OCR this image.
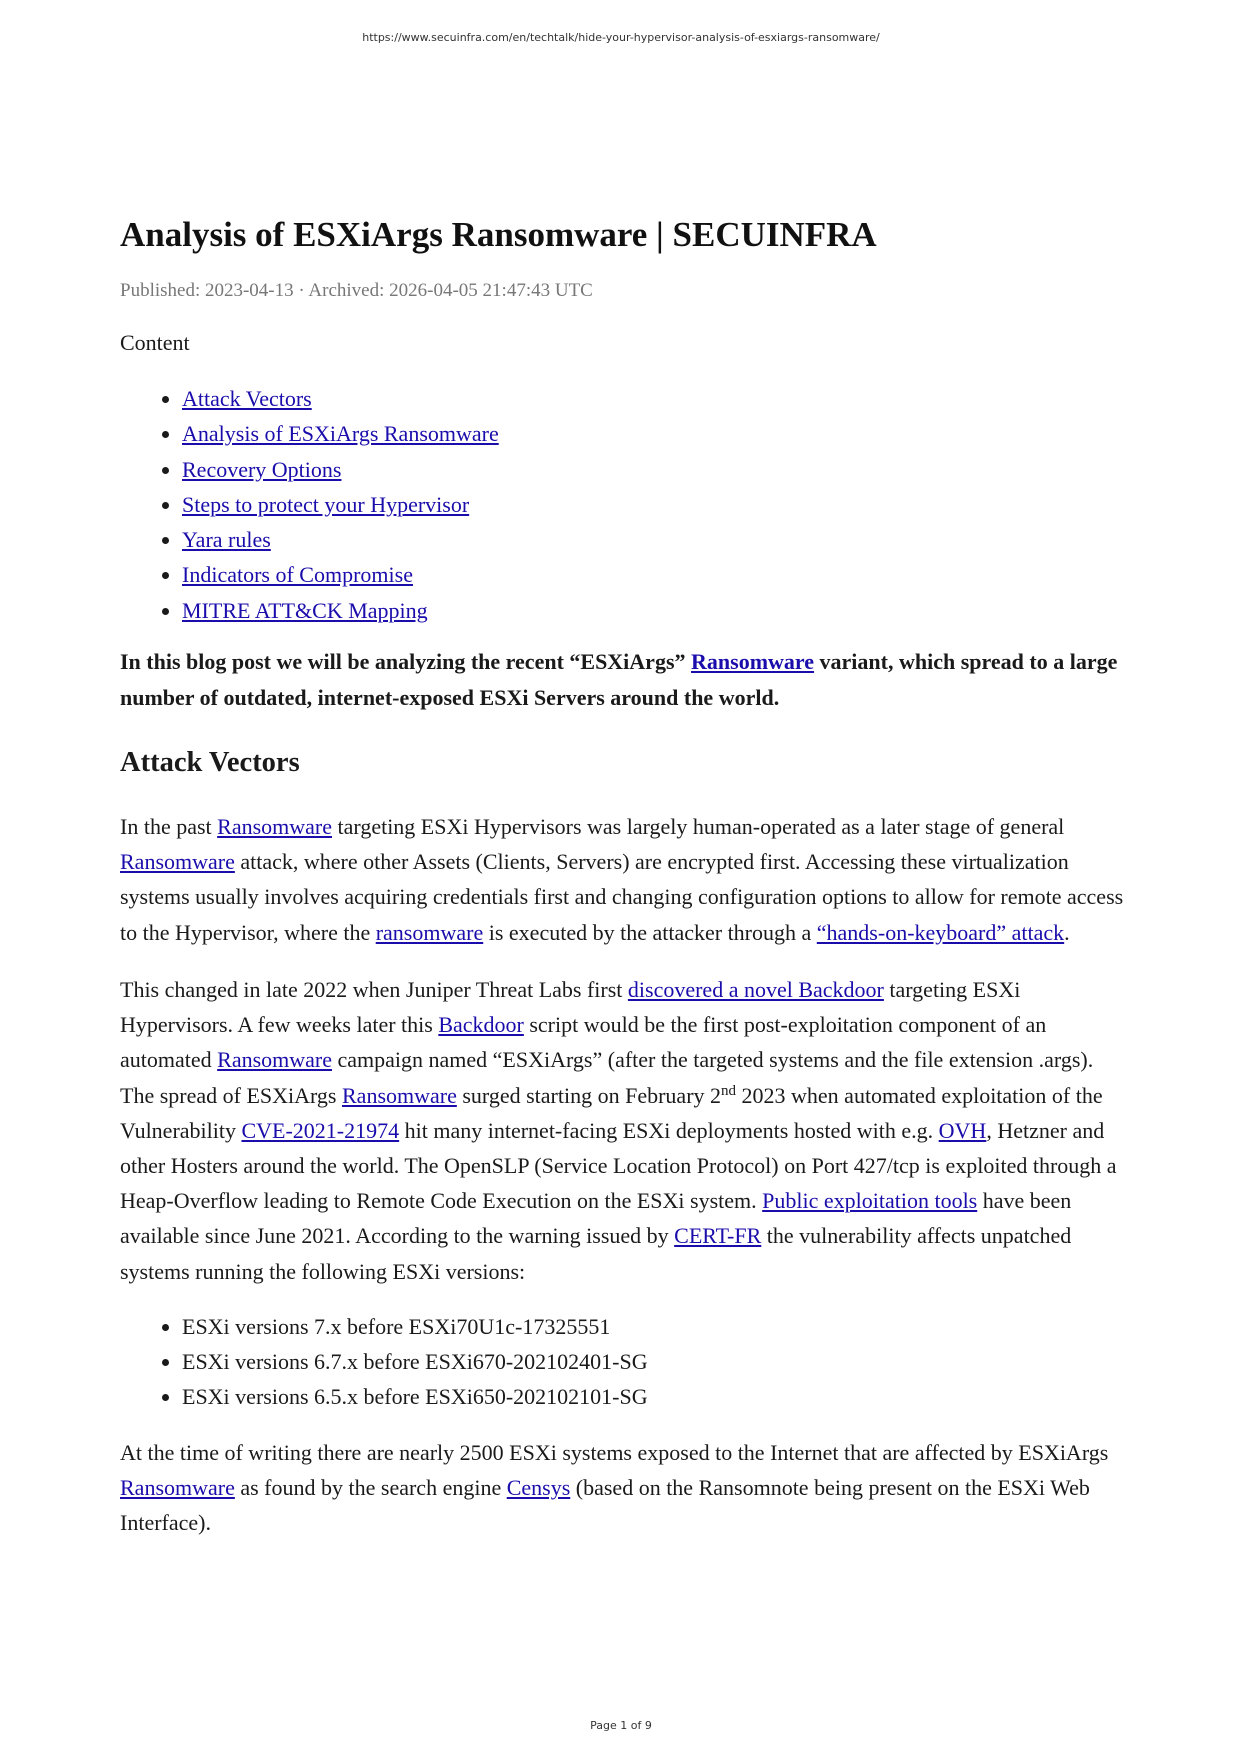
https://www.secuinfra.com/en/techtalk/hide-your-hypervisor-analysis-of-esxiargs-ransomware/
Analysis of ESXiArgs Ransomware | SECUINFRA
Published: 2023-04-13 · Archived: 2026-04-05 21:47:43 UTC
Content
• Attack Vectors
• Analysis of ESXiArgs Ransomware
• Recovery Options
• Steps to protect your Hypervisor
• Yara rules
• Indicators of Compromise
• MITRE ATT&CK Mapping
In this blog post we will be analyzing the recent “ESXiArgs” Ransomware variant, which spread to a large number of outdated, internet-exposed ESXi Servers around the world.
Attack Vectors

In the past Ransomware targeting ESXi Hypervisors was largely human-operated as a later stage of general Ransomware attack, where other Assets (Clients, Servers) are encrypted first. Accessing these virtualization systems usually involves acquiring credentials first and changing configuration options to allow for remote access to the Hypervisor, where the ransomware is executed by the attacker through a “hands-on-keyboard” attack.

This changed in late 2022 when Juniper Threat Labs first discovered a novel Backdoor targeting ESXi Hypervisors. A few weeks later this Backdoor script would be the first post-exploitation component of an automated Ransomware campaign named “ESXiArgs” (after the targeted systems and the file extension .args). The spread of ESXiArgs Ransomware surged starting on February 2nd 2023 when automated exploitation of the Vulnerability CVE-2021-21974 hit many internet-facing ESXi deployments hosted with e.g. OVH, Hetzner and other Hosters around the world. The OpenSLP (Service Location Protocol) on Port 427/tcp is exploited through a Heap-Overflow leading to Remote Code Execution on the ESXi system. Public exploitation tools have been available since June 2021. According to the warning issued by CERT-FR the vulnerability affects unpatched systems running the following ESXi versions:

• ESXi versions 7.x before ESXi70U1c-17325551
• ESXi versions 6.7.x before ESXi670-202102401-SG
• ESXi versions 6.5.x before ESXi650-202102101-SG

At the time of writing there are nearly 2500 ESXi systems exposed to the Internet that are affected by ESXiArgs Ransomware as found by the search engine Censys (based on the Ransomnote being present on the ESXi Web Interface).

Page 1 of 9
